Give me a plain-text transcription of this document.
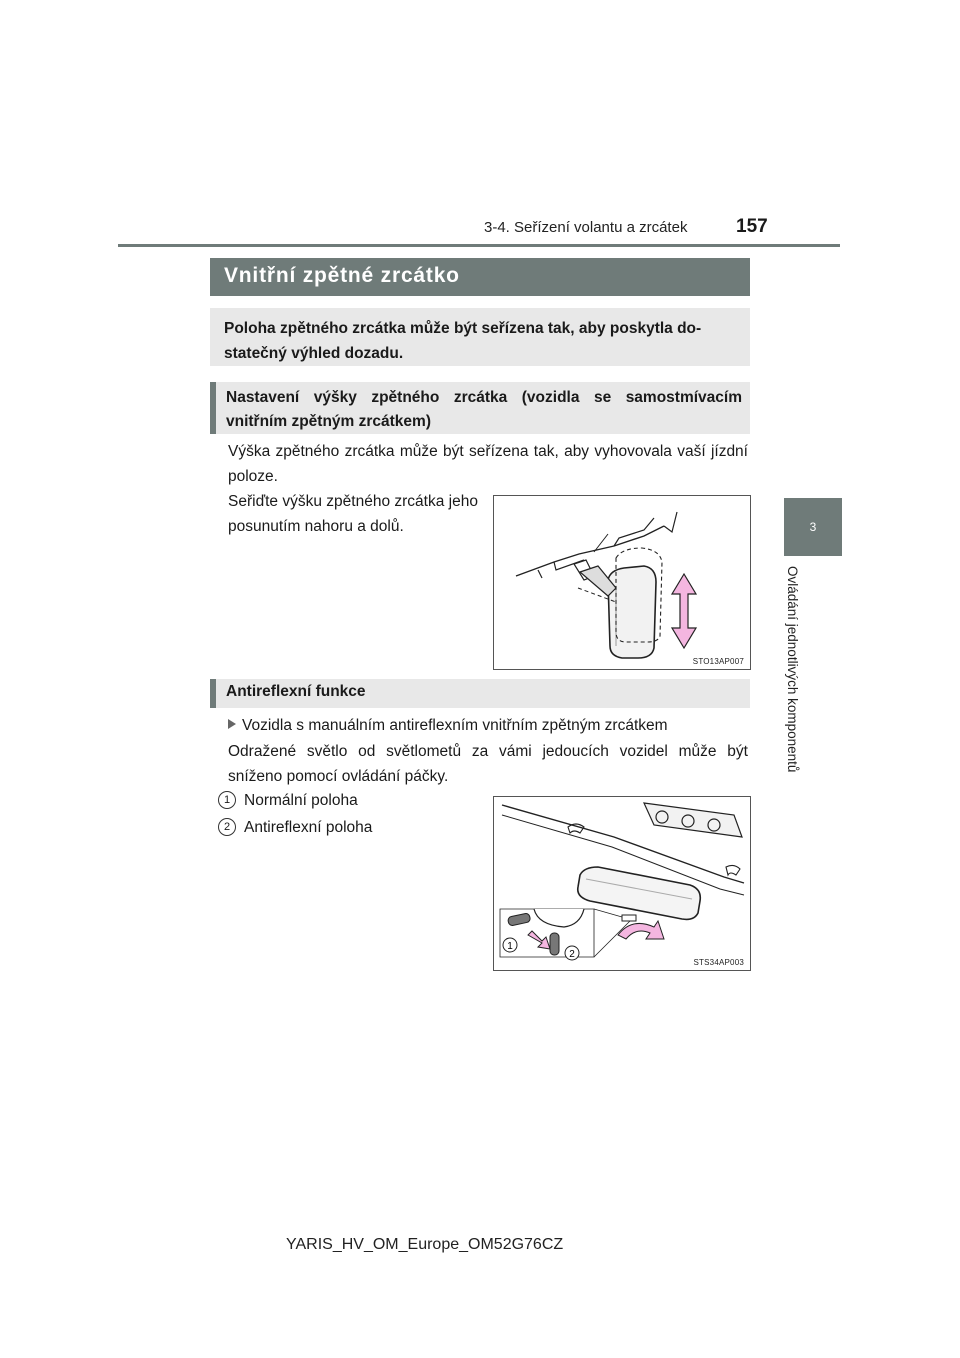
3-4. Seřízení volantu a zrcátek	157
3
Ovládání jednotlivých komponentů
Vnitřní zpětné zrcátko
Poloha zpětného zrcátka může být seřízena tak, aby poskytla do-statečný výhled dozadu.
Nastavení výšky zpětného zrcátka (vozidla se samostmívacím vnitřním zpětným zrcátkem)
Výška zpětného zrcátka může být seřízena tak, aby vyhovovala vaší jízdní poloze.
Seřiďte výšku zpětného zrcátka jeho posunutím nahoru a dolů.
STO13AP007
Antireflexní funkce
Vozidla s manuálním antireflexním vnitřním zpětným zrcátkem
Odražené světlo od světlometů za vámi jedoucích vozidel může být sníženo pomocí ovládání páčky.
1 Normální poloha
2 Antireflexní poloha
1
2
STS34AP003
YARIS_HV_OM_Europe_OM52G76CZ
